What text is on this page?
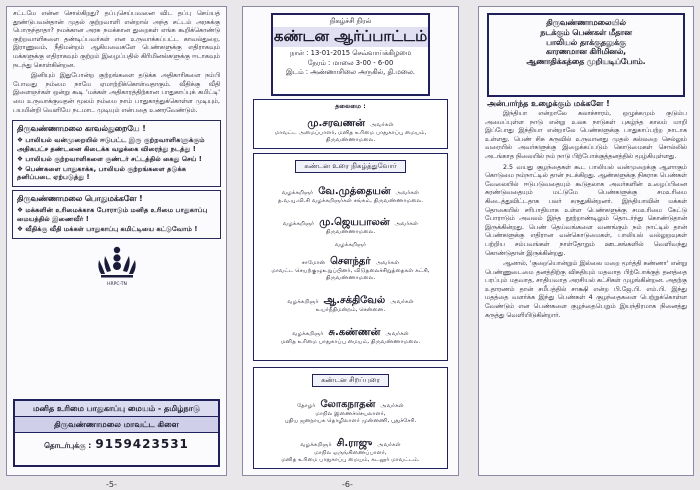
சட்டமே என்ன சொல்கிறது? தப்புசெய்பவனை விட தப்பு செய்யத் தூண்டுபவன்தான் முதல் குற்றவாளி என்றால் அந்த சட்டம் அரசுக்கு பொருந்தாதா? நமக்கான அரசு நமக்கான துறைகள் எங்க கூறிக்கொண்டு குற்றவாளிகளை தண்டிப்பவர்கள் என உருவாக்கப்பட்ட காவல்துறை, இராணுவம், நீதிமன்றம் ஆகியவைகளே பெண்களுக்கு எதிராகவும் மக்களுக்கு எதிராகவும் குற்றம் இழைப்பதில் கிரிமினல்களுக்கு ஈடாகவும் நடந்து கொள்கின்றன.

இனியும் இதுபோன்ற குற்றங்களை தடுக்க அதிகாரிகளை நம்பி போவது நம்மை நாமே ஏமாற்றிக்கொள்வதாகும். வீதிக்கு வீதி இளைஞர்கள் ஒன்று கூடி 'மக்கள் அதிகாரத்திற்கான பாதுகாப்புக் கமிட்டி' யை உருவாக்குவதன் மூலம் நம்மை நாம் பாதுகாத்துக்கொள்ள முடியும், பயமின்றி வெளியே நடமாட முடியும் என்பதை உணரவேண்டும்.

திருவண்ணாமலை காவல்துறையே !
❖ பாலியல் வன்முறையில் ஈடுபட்ட இரு குற்றவாளிகளுக்கும் அதிகபட்ச தண்டனை கிடைக்க வழக்கை விரைந்து நடத்து !
❖ பாலியல் குற்றவாளிகளை குண்டர் சட்டத்தில் கைது செய் !
❖ பெண்களை பாதுகாக்க, பாலியல் குற்றங்களை தடுக்க தனிப்படை ஏற்படுத்து !
திருவண்ணாமலை பொதுமக்களே !
❖ மக்களின் உரிமைக்காக போராடும் மனித உரிமை பாதுகாப்பு மையத்தில் இணைவீர் !
❖ வீதிக்கு வீதி மக்கள் பாதுகாப்பு கமிட்டியை கட்டுவோம் !
HRPC-TN
மனித உரிமை பாதுகாப்பு மையம் - தமிழ்நாடு
திருவண்ணாமலை மாவட்ட கிளை
தொடர்புக்கு : 9159423531
-5-
நிகழ்ச்சி நிரல்
கண்டன ஆர்ப்பாட்டம்
நாள் : 13-01-2015 செவ்வாய்க்கிழமை
நேரம் : மாலை 3-00 - 6-00
இடம் : அண்ணாசிலை அருகில், தி.மலை.
தலைமை :
மு.சரவணன் அவர்கள்
மாவட்ட அமைப்பாளர், மனித உரிமை பாதுகாப்பு மையம், திருவண்ணாமலை.
கண்டன உரை நிகழ்த்துவோர்
வழக்கறிஞர் வே.முத்தையன் அவர்கள்
த.வ.யு.வி.சி வழக்கறிஞர்கள் சங்கம், திருவண்ணாமலை.
வழக்கறிஞர் மு.ஜெயபாலன் அவர்கள்
திருவண்ணாமலை.
வழக்கறிஞர்
சாமோன் சௌந்தர் அவர்கள்
மாவட்ட செயற்குழுஉறுப்பினர், விடுதலைச்சிறுத்தைகள் கட்சி, திருவண்ணாமலை.
வழக்கறிஞர் ஆ.சக்திவேல் அவர்கள்
உயர்நீதிமன்றம், சென்னை.
வழக்கறிஞர் சு.கண்ணன் அவர்கள்
மனித உரிமை பாதுகாப்பு மையம், திருவண்ணாமலை.
கண்டன சிறப்புரை
தோழர் லோகநாதன் அவர்கள்
மாநில இணைச்செயலாளர்,
புதிய ஜனநாயக தொழிலாளர் முன்னணி, புதுச்சேரி.
வழக்கறிஞர் சி.ராஜு அவர்கள்
மாநில ஒருங்கிணைப்பாளர்,
மனித உரிமை பாதுகாப்பு மையம், கடலூர் மாவட்டம்.
-6-
திருவண்ணாமலையில்
நடக்கும் பெண்கள் மீதான
பாலியல் தாக்குதலுக்கு
காரணமான கிரிமினல்,
ஆணாதிக்கத்தை முறியடிப்போம்.
அன்பார்ந்த உழைக்கும் மக்களே !

இந்தியா என்றாலே கலாச்சாரம், ஒழுக்கமும் குடும்ப அமைப்புள்ள நாடு என்று உலக நாடுகள் புகழ்ந்த காலம் மாறி இப்போது இந்தியா என்றாலே பெண்களுக்கு பாதுகாப்பற்ற நாடாக உள்ளது. பெண் சிசு கருவில் உருவானது முதல் கல்லறை செல்லும் வரையில் அவர்களுக்கு இழைக்கப்படும் கொடுமைகள் சொல்லில் அடங்காத நிலையில் நம் நாடு பிற்போக்குத்தனத்தில் மூழ்கியுள்ளது.

2.5 வயது குழந்தைகள் கூட பாலியல் வன்முறைக்கு ஆளாகும் கொடுமை நம்நாட்டில் தான் நடக்கிறது. ஆண்களுக்கு நிகராக பெண்கள் வேலையில் ஈடுபடுவதையும் கூடுதலாக அவர்களின் உழைப்பினை சுரண்டுவதையும் மட்டுமே பெண்களுக்கு சமஉரிமை கிடைத்துவிட்டதாக பலர் கருதுகின்றனர். இந்தியாவின் மக்கள் தொகையில் சரிபாதியாக உள்ள பெண்களுக்கு சமஉரிமை கேட்டு போராடும் அவலம் இந்த நூற்றாண்டிலும் தொடர்ந்து கொண்டுதான் இருக்கின்றது. பெண் தெய்வங்களை வணங்கும் நம் நாட்டில் தான் பெண்களுக்கு எதிரான வன்கொடுமைகள், பாலியல் வல்லுறவுகள் பற்றிய சம்பவங்கள் நாள்தோறும் ஊடகங்களில் வெளிவந்து கொண்டுதான் இருக்கின்றது.

ஆனால், 'குறையொன்றும் இல்லை மறை மூர்த்தி கண்ணா' என்று பெண்ணுடைமை தனத்திற்கு விசுதியும் மதவாத பிற்போக்குத் தனத்தை பரப்பும் மதவாத, சாதியவாத அரசியல் கட்சிகள் முழங்கின்றன. அதற்கு உதாரணம் தான் சமீபத்தில் சாக்ஷி என்ற பி.ஜே.பி. எம்.பி. இந்து மதத்தை வளர்க்க இந்து பெண்கள் 4 குழந்தைகளை பெற்றுக்கொள்ள வேண்டும் என பெண்களை குழந்தைபெறும் இயந்திரமாக நினைத்து கருத்து வெளியிடுகின்றார்.
